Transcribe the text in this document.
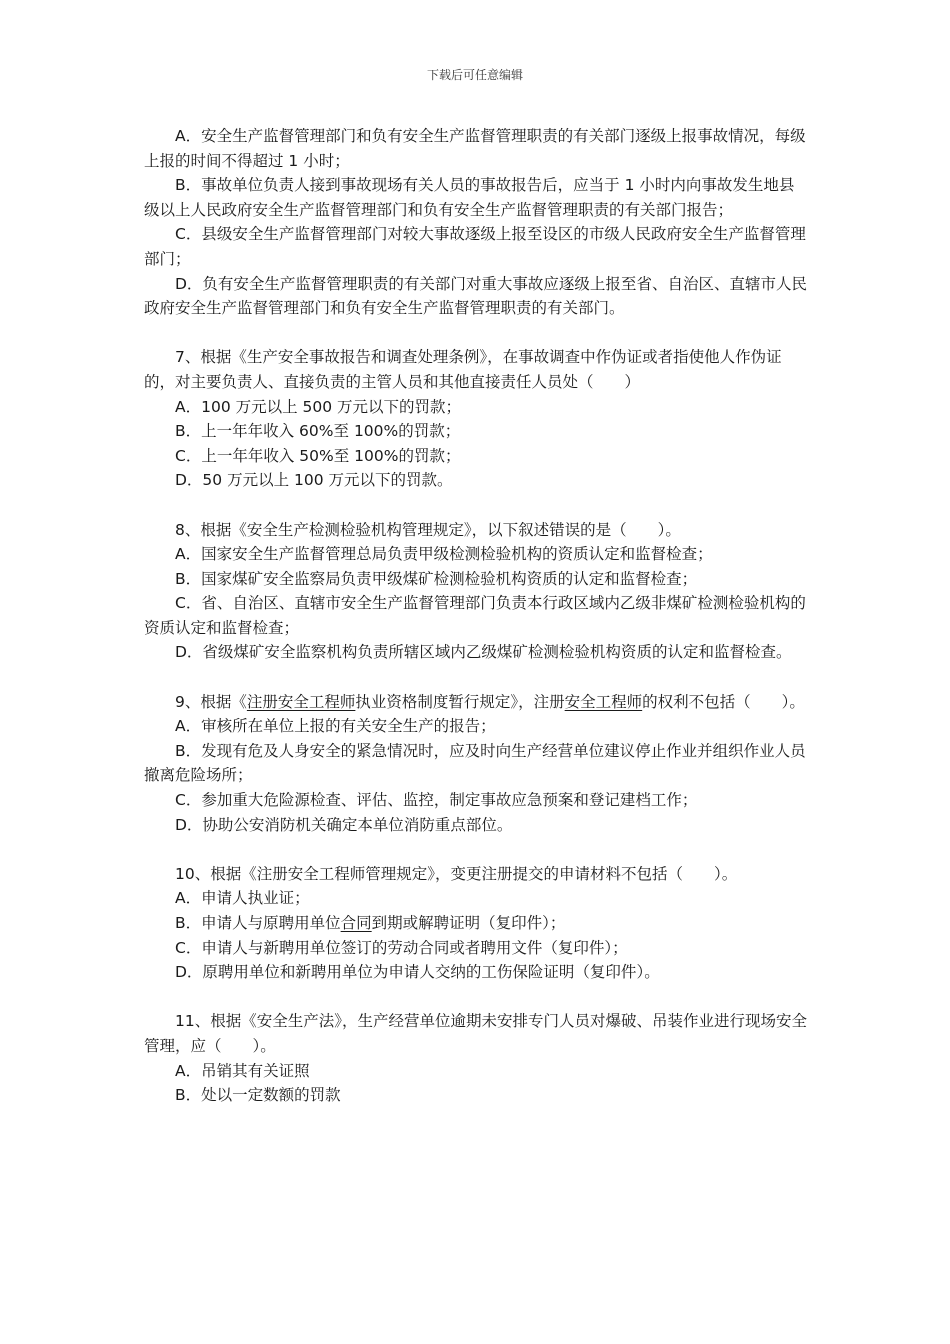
下载后可任意编辑

A．安全生产监督管理部门和负有安全生产监督管理职责的有关部门逐级上报事故情况，每级上报的时间不得超过 1 小时；

B．事故单位负责人接到事故现场有关人员的事故报告后，应当于 1 小时内向事故发生地县级以上人民政府安全生产监督管理部门和负有安全生产监督管理职责的有关部门报告；

C．县级安全生产监督管理部门对较大事故逐级上报至设区的市级人民政府安全生产监督管理部门；

D．负有安全生产监督管理职责的有关部门对重大事故应逐级上报至省、自治区、直辖市人民政府安全生产监督管理部门和负有安全生产监督管理职责的有关部门。

7、根据《生产安全事故报告和调查处理条例》，在事故调查中作伪证或者指使他人作伪证的，对主要负责人、直接负责的主管人员和其他直接责任人员处（　　）

A．100 万元以上 500 万元以下的罚款；

B．上一年年收入 60%至 100%的罚款；

C．上一年年收入 50%至 100%的罚款；

D．50 万元以上 100 万元以下的罚款。

8、根据《安全生产检测检验机构管理规定》，以下叙述错误的是（　　）。

A．国家安全生产监督管理总局负责甲级检测检验机构的资质认定和监督检查；

B．国家煤矿安全监察局负责甲级煤矿检测检验机构资质的认定和监督检查；

C．省、自治区、直辖市安全生产监督管理部门负责本行政区域内乙级非煤矿检测检验机构的资质认定和监督检查；

D．省级煤矿安全监察机构负责所辖区域内乙级煤矿检测检验机构资质的认定和监督检查。

9、根据《注册安全工程师执业资格制度暂行规定》，注册安全工程师的权利不包括（　　）。

A．审核所在单位上报的有关安全生产的报告；

B．发现有危及人身安全的紧急情况时，应及时向生产经营单位建议停止作业并组织作业人员撤离危险场所；

C．参加重大危险源检查、评估、监控，制定事故应急预案和登记建档工作；

D．协助公安消防机关确定本单位消防重点部位。

10、根据《注册安全工程师管理规定》，变更注册提交的申请材料不包括（　　）。

A．申请人执业证；

B．申请人与原聘用单位合同到期或解聘证明（复印件）；

C．申请人与新聘用单位签订的劳动合同或者聘用文件（复印件）；

D．原聘用单位和新聘用单位为申请人交纳的工伤保险证明（复印件）。

11、根据《安全生产法》，生产经营单位逾期未安排专门人员对爆破、吊装作业进行现场安全管理，应（　　）。

A．吊销其有关证照

B．处以一定数额的罚款
